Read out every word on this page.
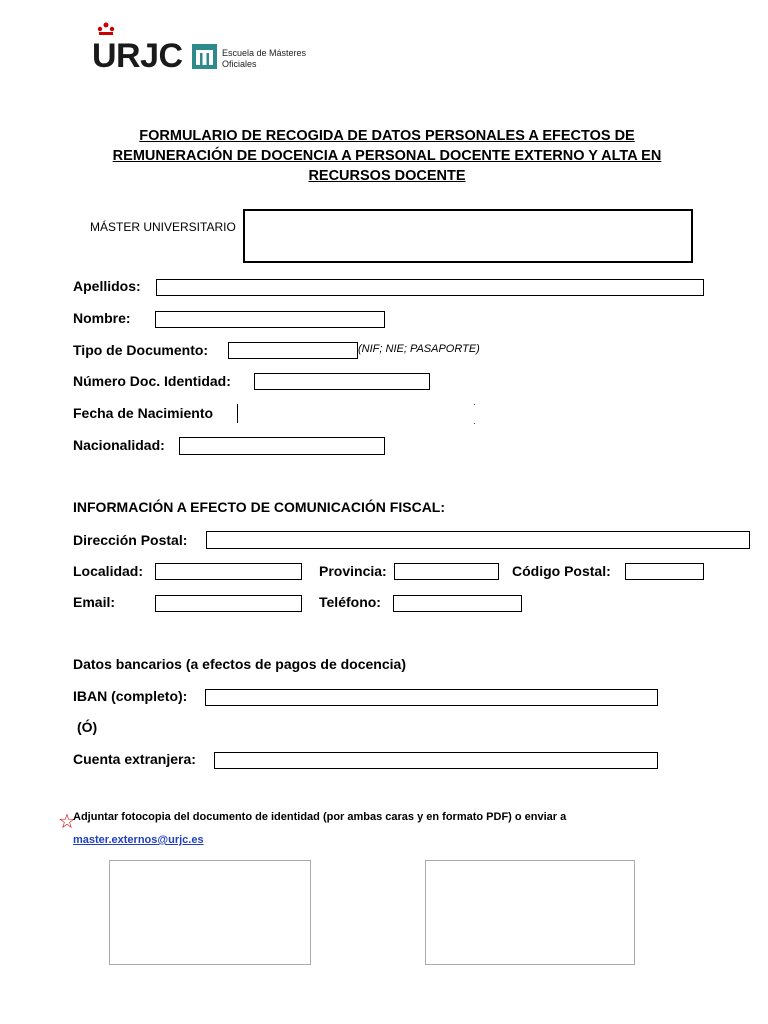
URJC	Escuela de Másteres
Oficiales
FORMULARIO DE RECOGIDA DE DATOS PERSONALES A EFECTOS DE
REMUNERACIÓN DE DOCENCIA A PERSONAL DOCENTE EXTERNO Y ALTA EN
RECURSOS DOCENTE
MÁSTER UNIVERSITARIO
Apellidos:
Nombre:
Tipo de Documento:	(NIF; NIE; PASAPORTE)
Número Doc. Identidad:
Fecha de Nacimiento
Nacionalidad:
INFORMACIÓN A EFECTO DE COMUNICACIÓN FISCAL:
Dirección Postal:
Localidad:	Provincia:	Código Postal:
Email:	Teléfono:
Datos bancarios (a efectos de pagos de docencia)
IBAN (completo):
(Ó)
Cuenta extranjera:
☆
Adjuntar fotocopia del documento de identidad (por ambas caras y en formato PDF) o enviar a
master.externos@urjc.es
